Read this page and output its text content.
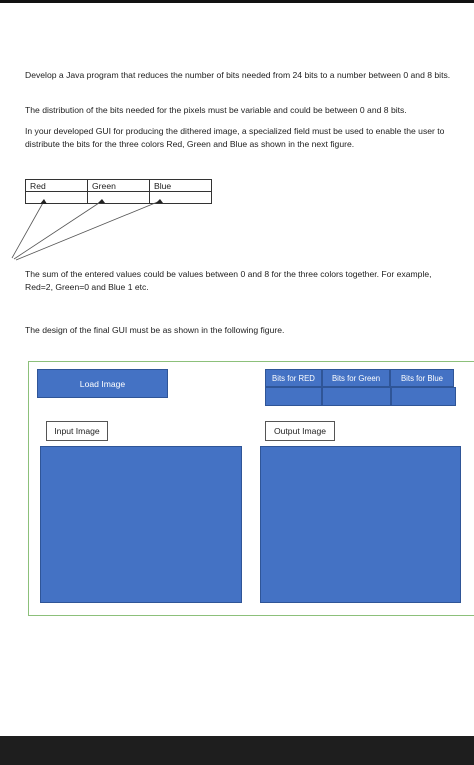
Develop a Java program that reduces the number of bits needed from 24 bits to a number between 0 and 8 bits.

The distribution of the bits needed for the pixels must be variable and could be between 0 and 8 bits.

In your developed GUI for producing the dithered image, a specialized field must be used to enable the user to distribute the bits for the three colors Red, Green and Blue as shown in the next figure.

Red	Green	Blue

The sum of the entered values could be values between 0 and 8 for the three colors together. For example, Red=2, Green=0 and Blue 1 etc.

The design of the final GUI must be as shown in the following figure.

Load Image
Bits for RED	Bits for Green	Bits for Blue
Input Image	Output Image
